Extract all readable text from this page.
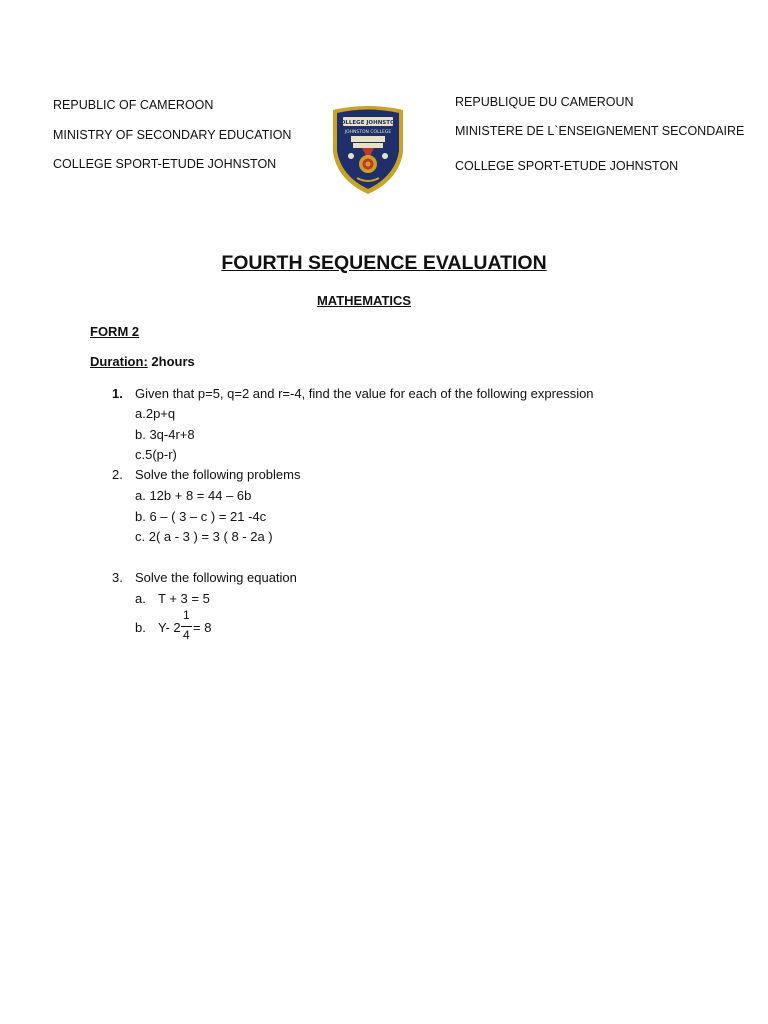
REPUBLIC OF CAMEROON
MINISTRY OF SECONDARY EDUCATION
COLLEGE SPORT-ETUDE JOHNSTON
REPUBLIQUE DU CAMEROUN
MINISTERE DE L`ENSEIGNEMENT SECONDAIRE
COLLEGE SPORT-ETUDE JOHNSTON
COLLEGE JOHNSTON
JOHNSTON COLLEGE
FOURTH SEQUENCE EVALUATION
MATHEMATICS
FORM 2
Duration: 2hours
1. Given that p=5, q=2 and r=-4, find the value for each of the following expression
a.2p+q
b. 3q-4r+8
c.5(p-r)
2. Solve the following problems
a. 12b + 8 = 44 – 6b
b. 6 – ( 3 – c ) = 21 -4c
c. 2( a - 3 ) = 3 ( 8 - 2a )
3. Solve the following equation
a. T + 3 = 5
b. Y- 2
1
4 = 8
